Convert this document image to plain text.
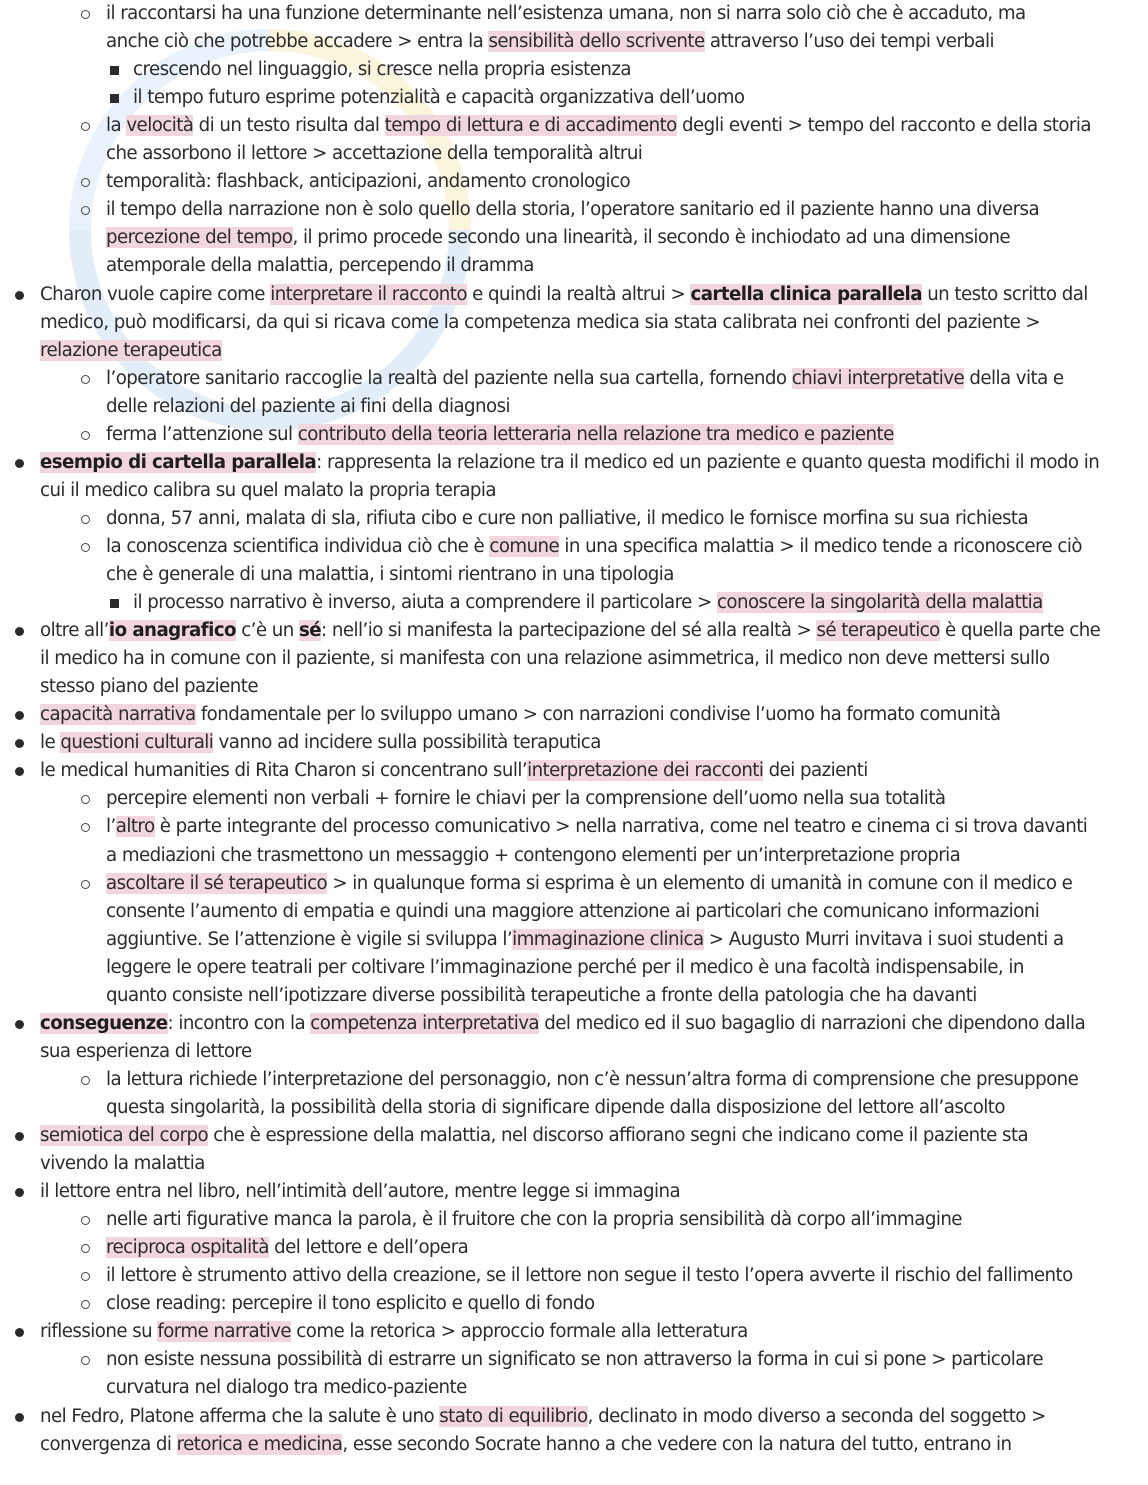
il raccontarsi ha una funzione determinante nell’esistenza umana, non si narra solo ciò che è accaduto, ma
anche ciò che potrebbe accadere > entra la sensibilità dello scrivente attraverso l’uso dei tempi verbali
crescendo nel linguaggio, si cresce nella propria esistenza
il tempo futuro esprime potenzialità e capacità organizzativa dell’uomo
la velocità di un testo risulta dal tempo di lettura e di accadimento degli eventi > tempo del racconto e della storia
che assorbono il lettore > accettazione della temporalità altrui
temporalità: flashback, anticipazioni, andamento cronologico
il tempo della narrazione non è solo quello della storia, l’operatore sanitario ed il paziente hanno una diversa
percezione del tempo, il primo procede secondo una linearità, il secondo è inchiodato ad una dimensione
atemporale della malattia, percependo il dramma
Charon vuole capire come interpretare il racconto e quindi la realtà altrui > cartella clinica parallela un testo scritto dal
medico, può modificarsi, da qui si ricava come la competenza medica sia stata calibrata nei confronti del paziente >
relazione terapeutica
l’operatore sanitario raccoglie la realtà del paziente nella sua cartella, fornendo chiavi interpretative della vita e
delle relazioni del paziente ai fini della diagnosi
ferma l’attenzione sul contributo della teoria letteraria nella relazione tra medico e paziente
esempio di cartella parallela: rappresenta la relazione tra il medico ed un paziente e quanto questa modifichi il modo in
cui il medico calibra su quel malato la propria terapia
donna, 57 anni, malata di sla, rifiuta cibo e cure non palliative, il medico le fornisce morfina su sua richiesta
la conoscenza scientifica individua ciò che è comune in una specifica malattia > il medico tende a riconoscere ciò
che è generale di una malattia, i sintomi rientrano in una tipologia
il processo narrativo è inverso, aiuta a comprendere il particolare > conoscere la singolarità della malattia
oltre all’io anagrafico c’è un sé: nell’io si manifesta la partecipazione del sé alla realtà > sé terapeutico è quella parte che
il medico ha in comune con il paziente, si manifesta con una relazione asimmetrica, il medico non deve mettersi sullo
stesso piano del paziente
capacità narrativa fondamentale per lo sviluppo umano > con narrazioni condivise l’uomo ha formato comunità
le questioni culturali vanno ad incidere sulla possibilità teraputica
le medical humanities di Rita Charon si concentrano sull’interpretazione dei racconti dei pazienti
percepire elementi non verbali + fornire le chiavi per la comprensione dell’uomo nella sua totalità
l’altro è parte integrante del processo comunicativo > nella narrativa, come nel teatro e cinema ci si trova davanti
a mediazioni che trasmettono un messaggio + contengono elementi per un’interpretazione propria
ascoltare il sé terapeutico > in qualunque forma si esprima è un elemento di umanità in comune con il medico e
consente l’aumento di empatia e quindi una maggiore attenzione ai particolari che comunicano informazioni
aggiuntive. Se l’attenzione è vigile si sviluppa l’immaginazione clinica > Augusto Murri invitava i suoi studenti a
leggere le opere teatrali per coltivare l’immaginazione perché per il medico è una facoltà indispensabile, in
quanto consiste nell’ipotizzare diverse possibilità terapeutiche a fronte della patologia che ha davanti
conseguenze: incontro con la competenza interpretativa del medico ed il suo bagaglio di narrazioni che dipendono dalla
sua esperienza di lettore
la lettura richiede l’interpretazione del personaggio, non c’è nessun’altra forma di comprensione che presuppone
questa singolarità, la possibilità della storia di significare dipende dalla disposizione del lettore all’ascolto
semiotica del corpo che è espressione della malattia, nel discorso affiorano segni che indicano come il paziente sta
vivendo la malattia
il lettore entra nel libro, nell’intimità dell’autore, mentre legge si immagina
nelle arti figurative manca la parola, è il fruitore che con la propria sensibilità dà corpo all’immagine
reciproca ospitalità del lettore e dell’opera
il lettore è strumento attivo della creazione, se il lettore non segue il testo l’opera avverte il rischio del fallimento
close reading: percepire il tono esplicito e quello di fondo
riflessione su forme narrative come la retorica > approccio formale alla letteratura
non esiste nessuna possibilità di estrarre un significato se non attraverso la forma in cui si pone > particolare
curvatura nel dialogo tra medico-paziente
nel Fedro, Platone afferma che la salute è uno stato di equilibrio, declinato in modo diverso a seconda del soggetto >
convergenza di retorica e medicina, esse secondo Socrate hanno a che vedere con la natura del tutto, entrano in
